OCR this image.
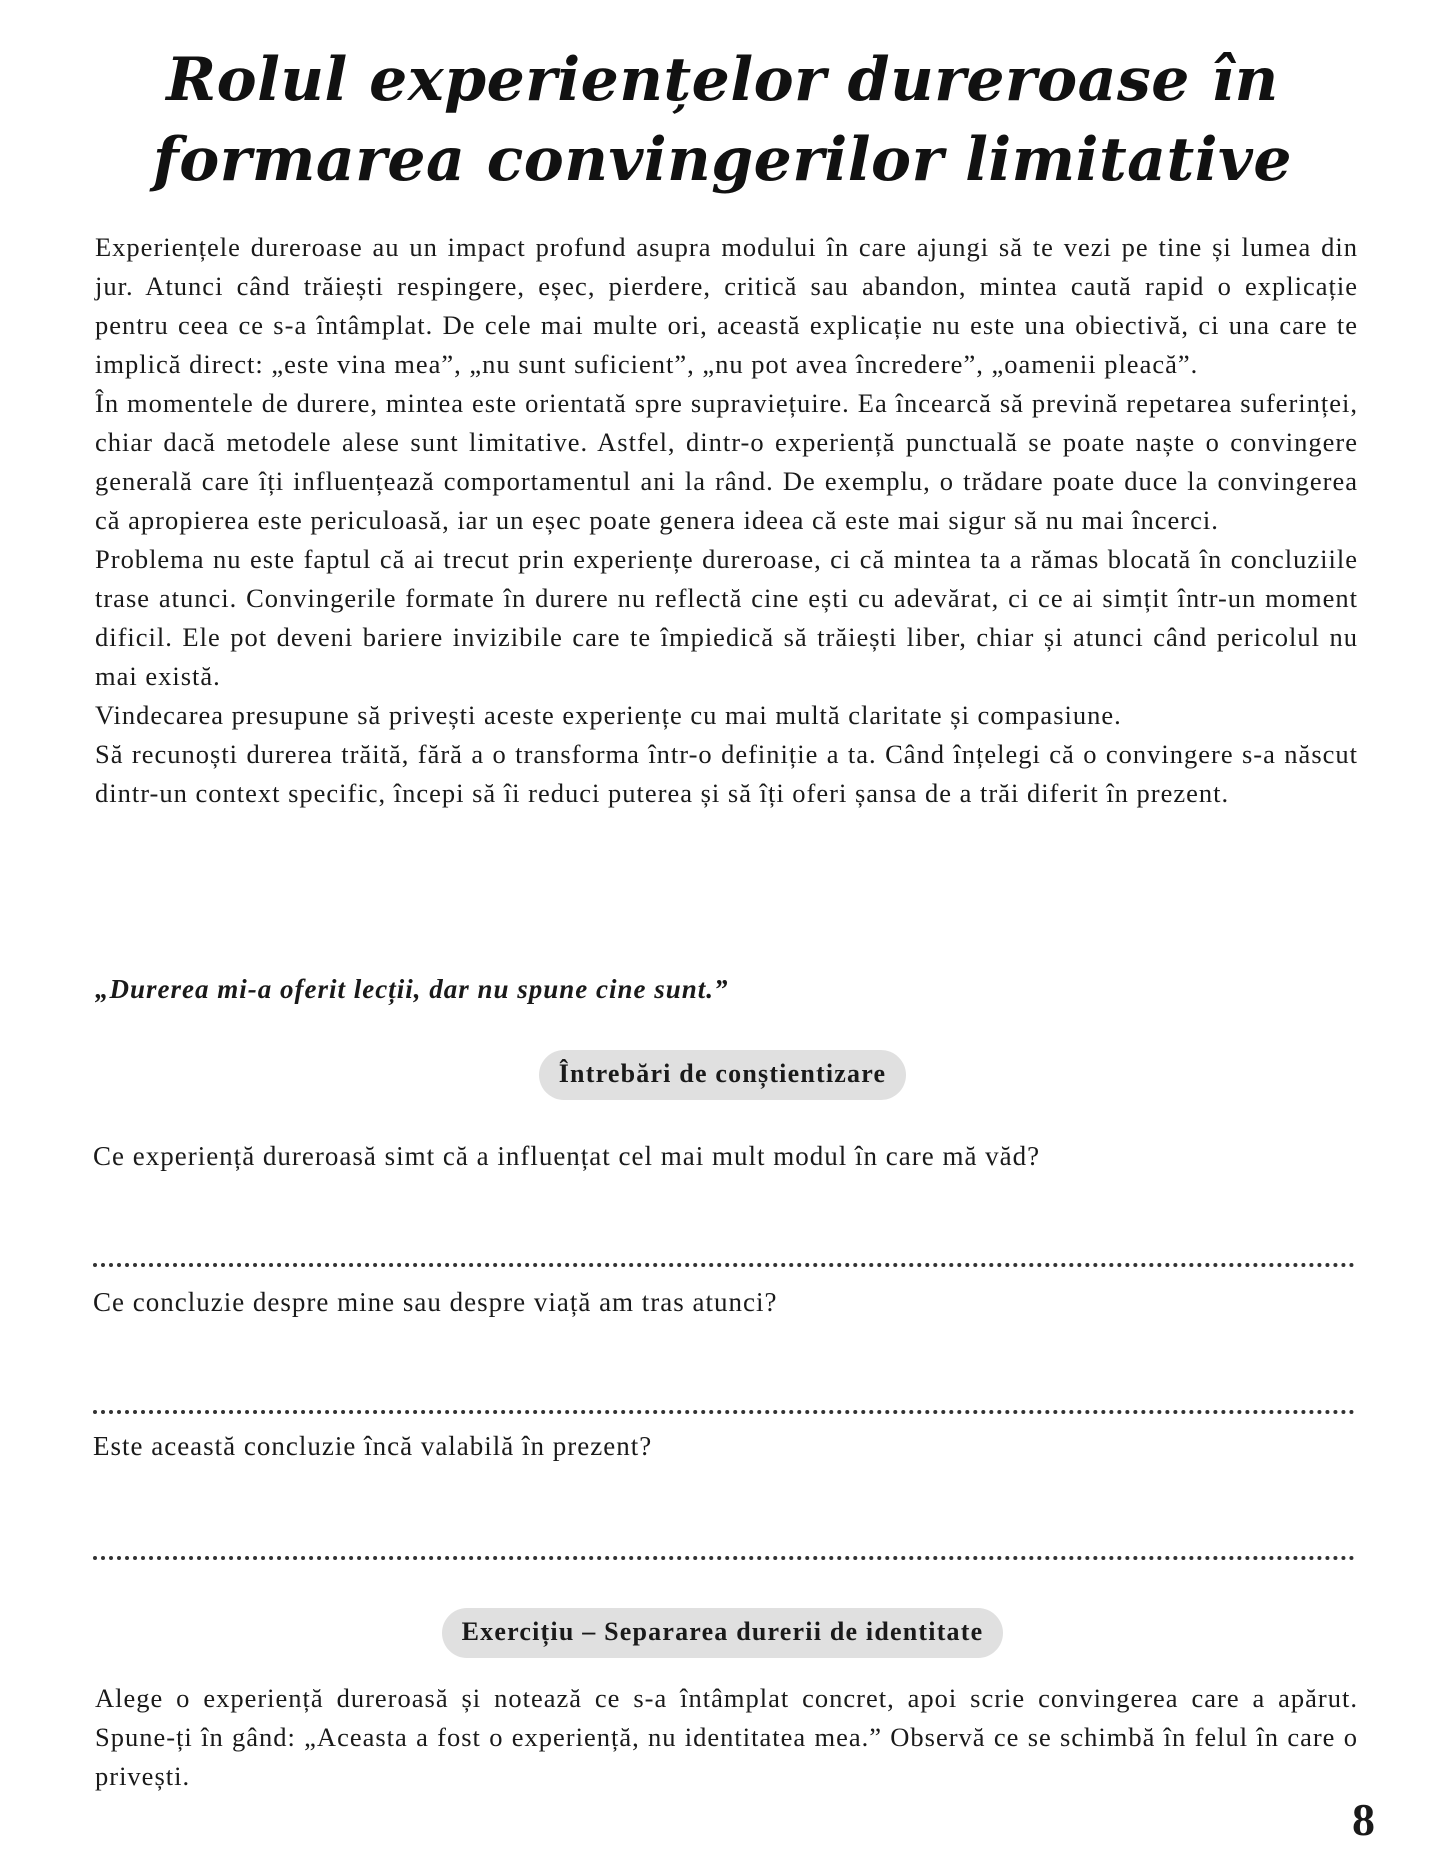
Rolul experiențelor dureroase în formarea convingerilor limitative

Experiențele dureroase au un impact profund asupra modului în care ajungi să te vezi pe tine și lumea din jur. Atunci când trăiești respingere, eșec, pierdere, critică sau abandon, mintea caută rapid o explicație pentru ceea ce s-a întâmplat. De cele mai multe ori, această explicație nu este una obiectivă, ci una care te implică direct: „este vina mea”, „nu sunt suficient”, „nu pot avea încredere”, „oamenii pleacă”.

În momentele de durere, mintea este orientată spre supraviețuire. Ea încearcă să prevină repetarea suferinței, chiar dacă metodele alese sunt limitative. Astfel, dintr-o experiență punctuală se poate naște o convingere generală care îți influențează comportamentul ani la rând. De exemplu, o trădare poate duce la convingerea că apropierea este periculoasă, iar un eșec poate genera ideea că este mai sigur să nu mai încerci.

Problema nu este faptul că ai trecut prin experiențe dureroase, ci că mintea ta a rămas blocată în concluziile trase atunci. Convingerile formate în durere nu reflectă cine ești cu adevărat, ci ce ai simțit într-un moment dificil. Ele pot deveni bariere invizibile care te împiedică să trăiești liber, chiar și atunci când pericolul nu mai există.

Vindecarea presupune să privești aceste experiențe cu mai multă claritate și compasiune.

Să recunoști durerea trăită, fără a o transforma într-o definiție a ta. Când înțelegi că o convingere s-a născut dintr-un context specific, începi să îi reduci puterea și să îți oferi șansa de a trăi diferit în prezent.

„Durerea mi-a oferit lecții, dar nu spune cine sunt.”
Întrebări de conștientizare
Ce experiență dureroasă simt că a influențat cel mai mult modul în care mă văd?
Ce concluzie despre mine sau despre viață am tras atunci?
Este această concluzie încă valabilă în prezent?
Exercițiu – Separarea durerii de identitate
Alege o experiență dureroasă și notează ce s-a întâmplat concret, apoi scrie convingerea care a apărut. Spune-ți în gând: „Aceasta a fost o experiență, nu identitatea mea.” Observă ce se schimbă în felul în care o privești.
8
